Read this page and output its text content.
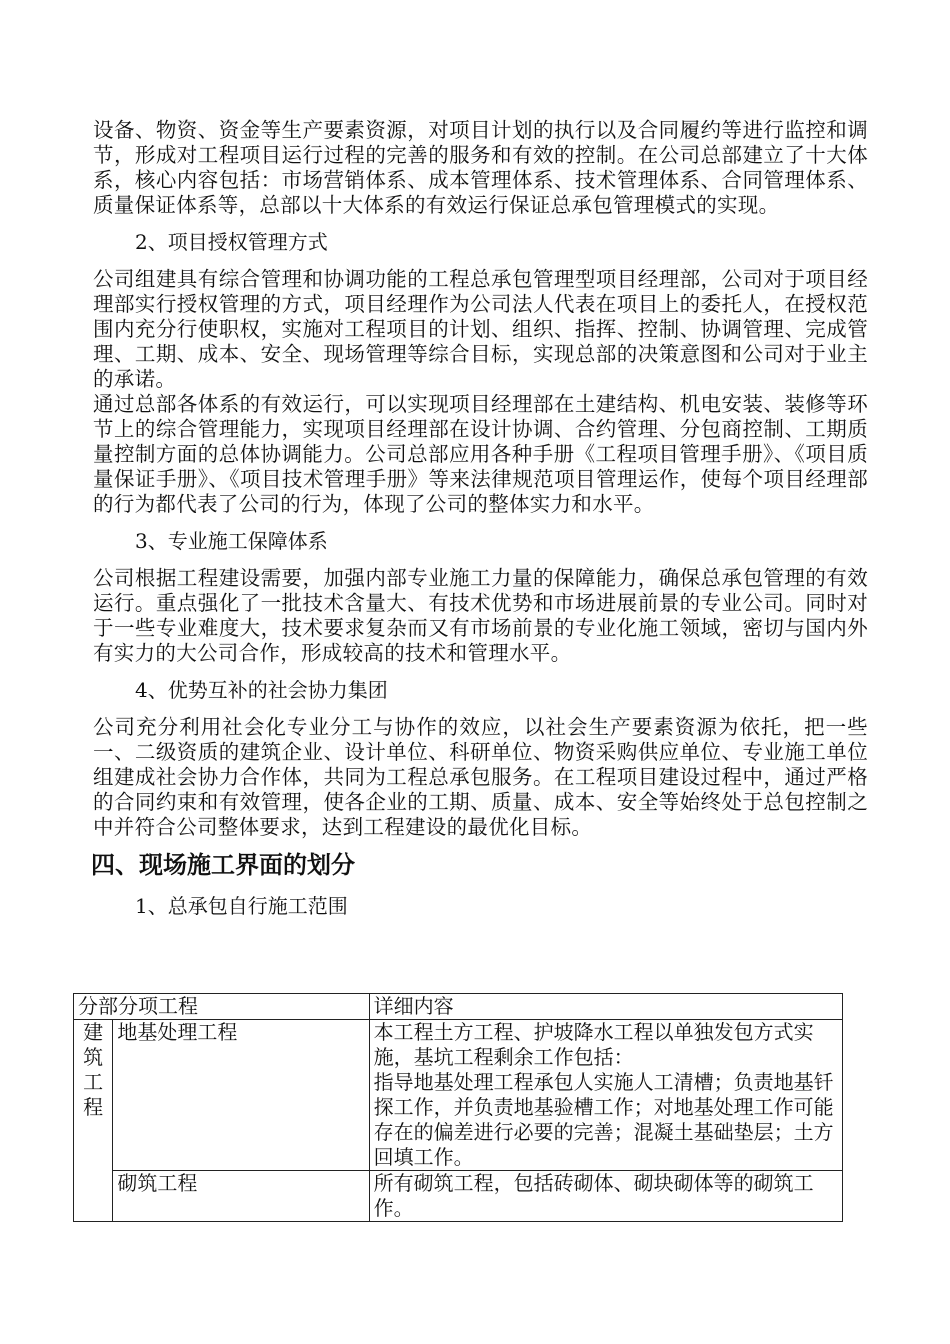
设备、物资、资金等生产要素资源，对项目计划的执行以及合同履约等进行监控和调节，形成对工程项目运行过程的完善的服务和有效的控制。在公司总部建立了十大体系，核心内容包括：市场营销体系、成本管理体系、技术管理体系、合同管理体系、质量保证体系等，总部以十大体系的有效运行保证总承包管理模式的实现。

2、项目授权管理方式

公司组建具有综合管理和协调功能的工程总承包管理型项目经理部，公司对于项目经理部实行授权管理的方式，项目经理作为公司法人代表在项目上的委托人，在授权范围内充分行使职权，实施对工程项目的计划、组织、指挥、控制、协调管理、完成管理、工期、成本、安全、现场管理等综合目标，实现总部的决策意图和公司对于业主的承诺。

通过总部各体系的有效运行，可以实现项目经理部在土建结构、机电安装、装修等环节上的综合管理能力，实现项目经理部在设计协调、合约管理、分包商控制、工期质量控制方面的总体协调能力。公司总部应用各种手册《工程项目管理手册》、《项目质量保证手册》、《项目技术管理手册》等来法律规范项目管理运作，使每个项目经理部的行为都代表了公司的行为，体现了公司的整体实力和水平。

3、专业施工保障体系

公司根据工程建设需要，加强内部专业施工力量的保障能力，确保总承包管理的有效运行。重点强化了一批技术含量大、有技术优势和市场进展前景的专业公司。同时对于一些专业难度大，技术要求复杂而又有市场前景的专业化施工领域，密切与国内外有实力的大公司合作，形成较高的技术和管理水平。

4、优势互补的社会协力集团

公司充分利用社会化专业分工与协作的效应，以社会生产要素资源为依托，把一些一、二级资质的建筑企业、设计单位、科研单位、物资采购供应单位、专业施工单位组建成社会协力合作体，共同为工程总承包服务。在工程项目建设过程中，通过严格的合同约束和有效管理，使各企业的工期、质量、成本、安全等始终处于总包控制之中并符合公司整体要求，达到工程建设的最优化目标。

四、现场施工界面的划分

1、总承包自行施工范围

分部分项工程		详细内容

建筑工程	地基处理工程	本工程土方工程、护坡降水工程以单独发包方式实施，基坑工程剩余工作包括：
指导地基处理工程承包人实施人工清槽；负责地基钎探工作，并负责地基验槽工作；对地基处理工作可能存在的偏差进行必要的完善；混凝土基础垫层；土方回填工作。

	砌筑工程	所有砌筑工程，包括砖砌体、砌块砌体等的砌筑工作。
